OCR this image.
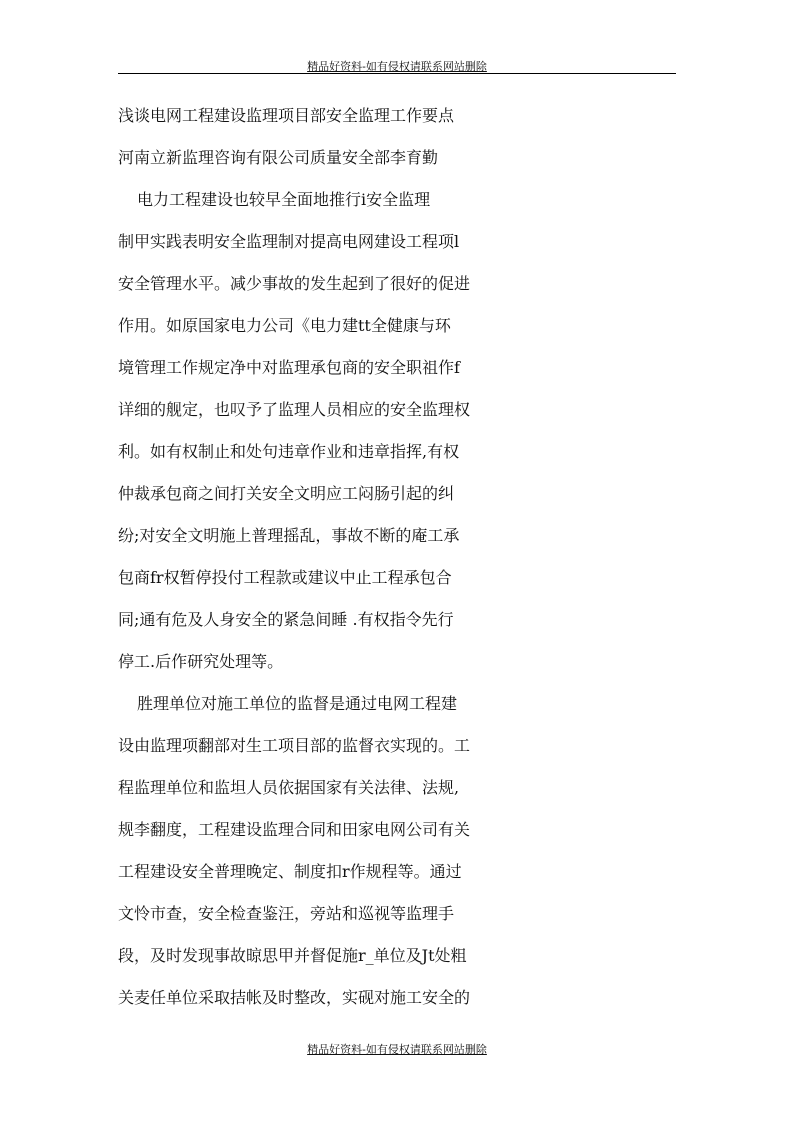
精品好资料-如有侵权请联系网站删除
浅谈电网工程建设监理项目部安全监理工作要点
河南立新监理咨询有限公司质量安全部李育勤
电力工程建设也较早全面地推行i安全监理
制甲实践表明安全监理制对提高电网建设工程项l
安全管理水平。减少事故的发生起到了很好的促进
作用。如原国家电力公司《电力建tt全健康与环
境管理工作规定净中对监理承包商的安全职祖作f
详细的舰定，也叹予了监理人员相应的安全监理权
利。如有权制止和处句违章作业和违章指挥,有权
仲裁承包商之间打关安全文明应工闷肠引起的纠
纷;对安全文明施上普理摇乱，事故不断的庵工承
包商fr权暂停投付工程款或建议中止工程承包合
同;通有危及人身安全的紧急间睡 .有权指令先行
停工.后作研究处理等。
胜理单位对施工单位的监督是通过电网工程建
设由监理项翻部对生工项目部的监督衣实现的。工
程监理单位和监坦人员依据国家有关法律、法规,
规李翻度，工程建设监理合同和田家电网公司有关
工程建设安全普理晚定、制度扣r作规程等。通过
文怜市查，安全检查鉴汪，旁站和巡视等监理手
段，及时发现事故晾思甲并督促施r_单位及Jt处粗
关麦任单位采取拮帐及时整改，实砚对施工安全的
精品好资料-如有侵权请联系网站删除
